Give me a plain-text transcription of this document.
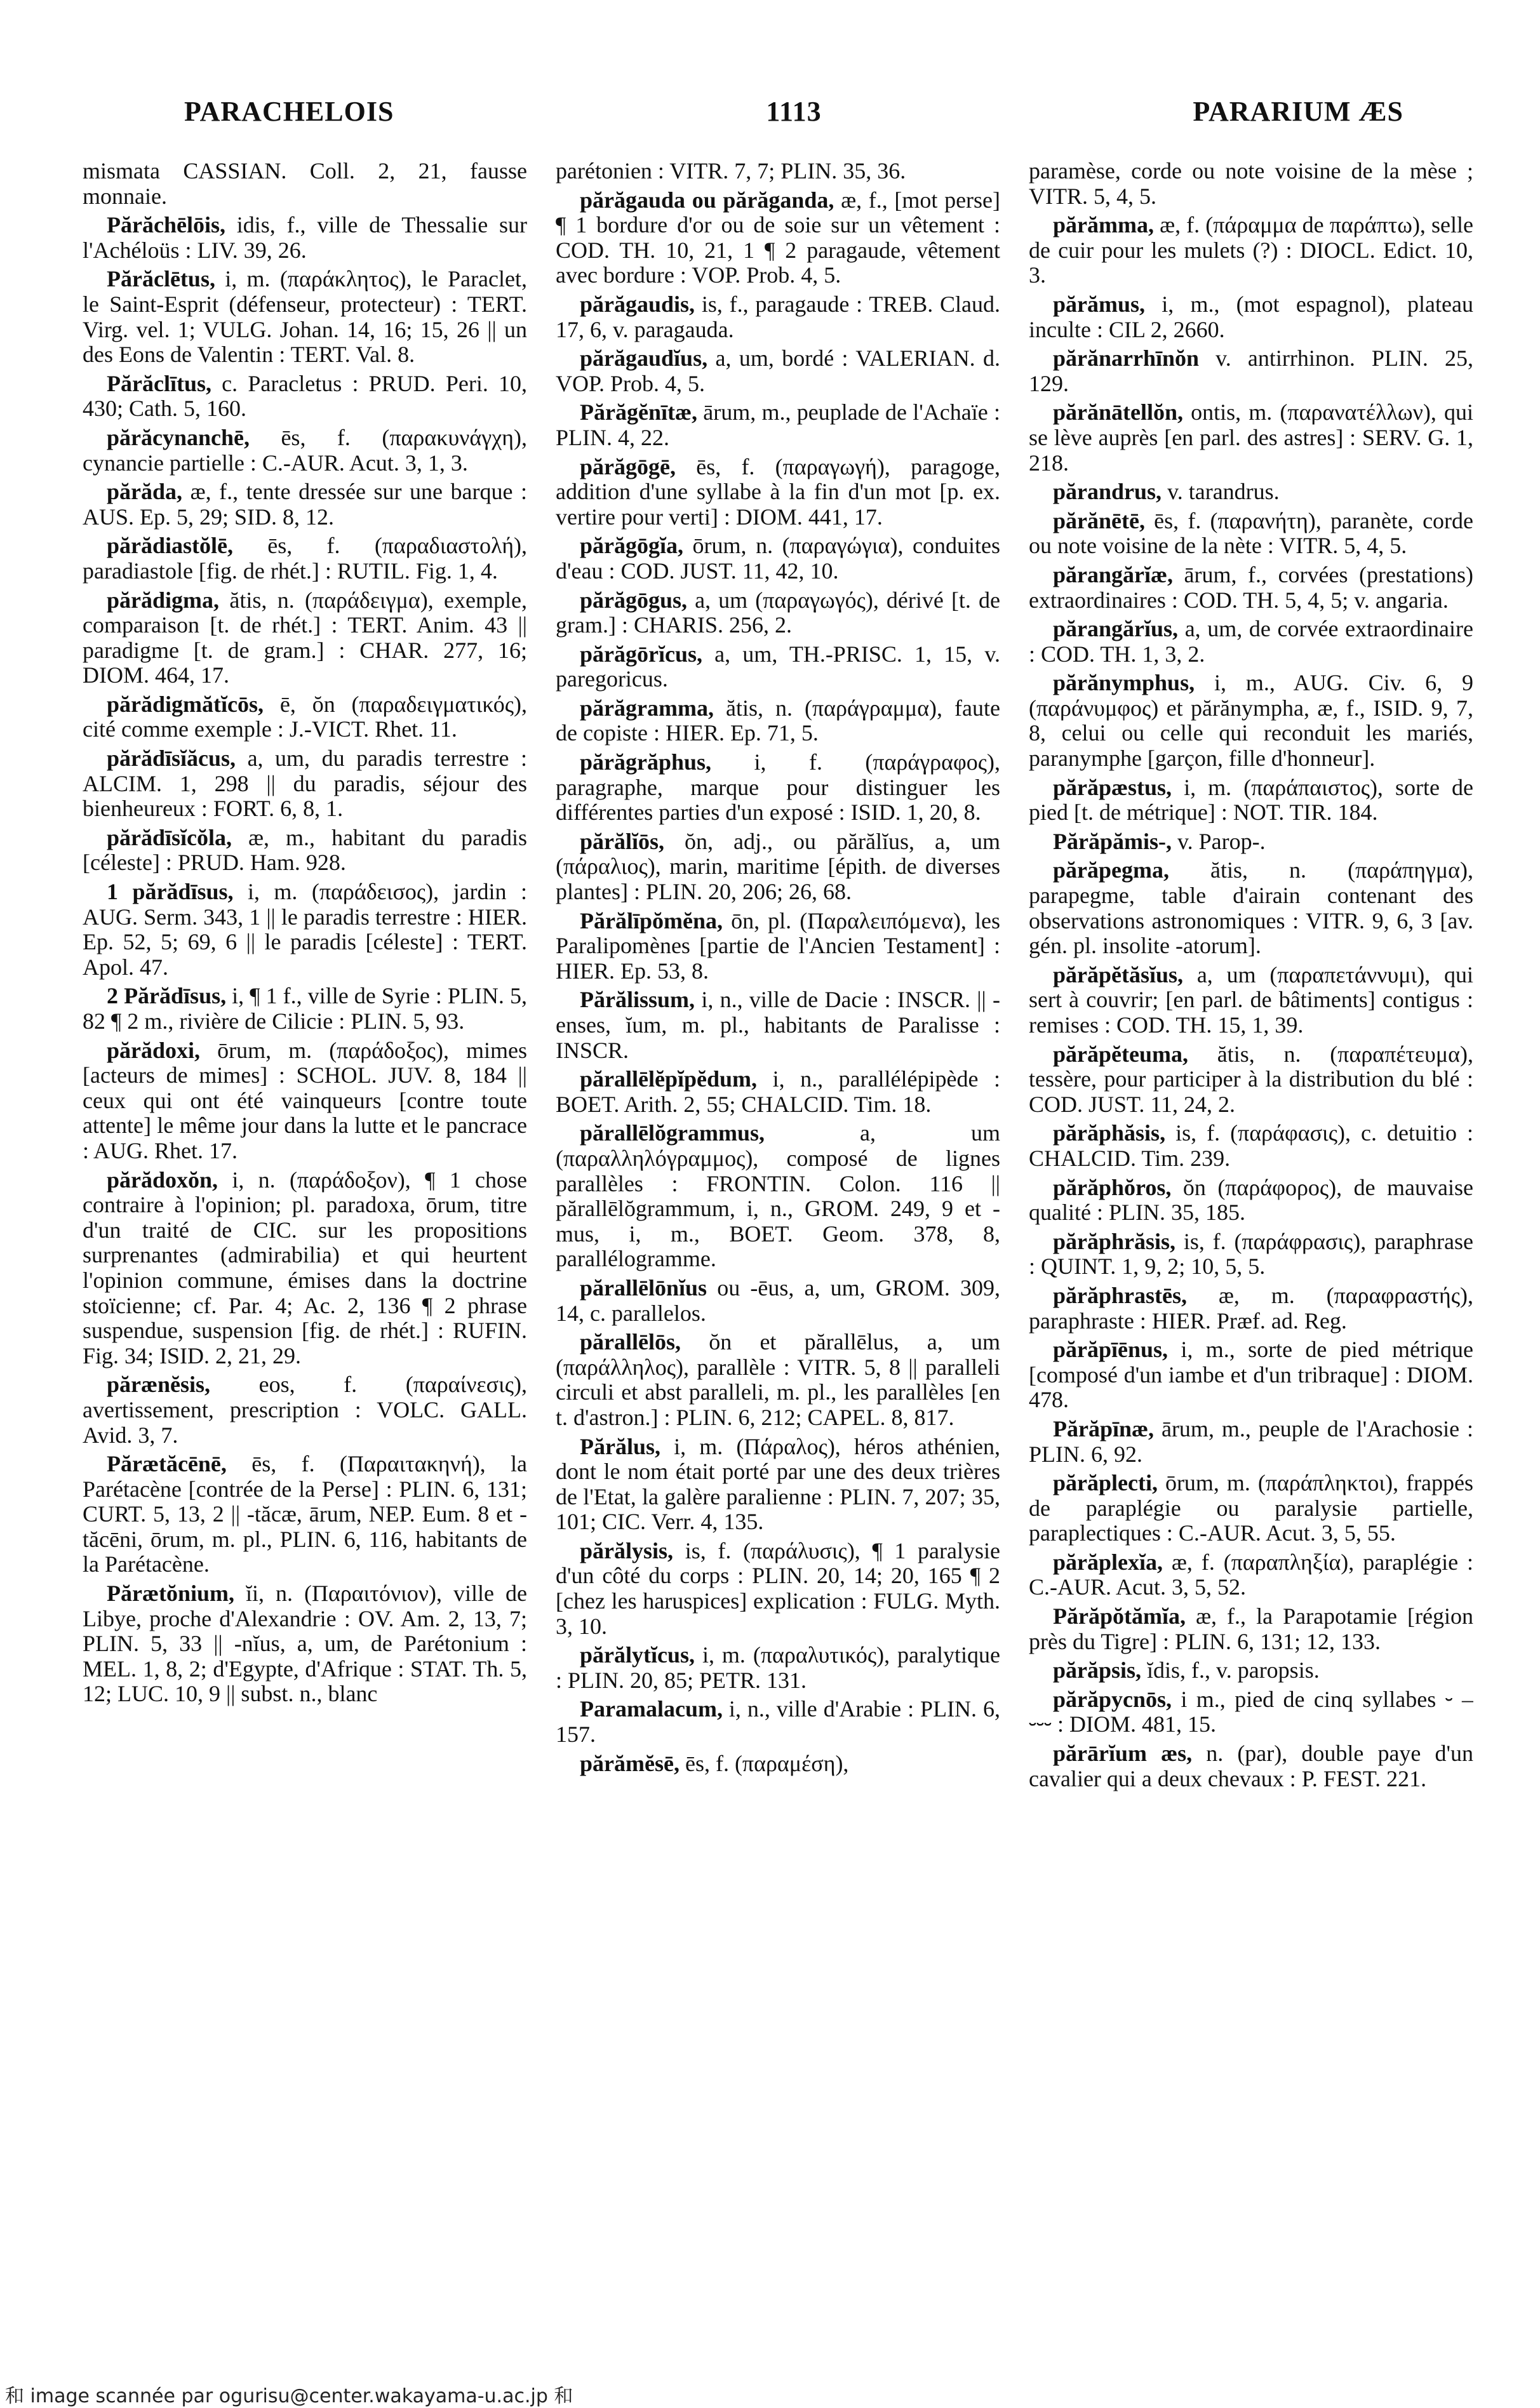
PARACHELOIS	1113	PARARIUM ÆS

mismata CASSIAN. Coll. 2, 21, fausse monnaie.

Părăchēlōis, idis, f., ville de Thessalie sur l'Achéloüs : LIV. 39, 26.

Părăclētus, i, m. (παράκλητος), le Paraclet, le Saint-Esprit (défenseur, protecteur) : TERT. Virg. vel. 1; VULG. Johan. 14, 16; 15, 26 || un des Eons de Valentin : TERT. Val. 8.

Părăclītus, c. Paracletus : PRUD. Peri. 10, 430; Cath. 5, 160.

părăcynanchē, ēs, f. (παρακυνάγχη), cynancie partielle : C.-AUR. Acut. 3, 1, 3.

părăda, æ, f., tente dressée sur une barque : AUS. Ep. 5, 29; SID. 8, 12.

părădiastŏlē, ēs, f. (παραδιαστολή), paradiastole [fig. de rhét.] : RUTIL. Fig. 1, 4.

părădigma, ătis, n. (παράδειγμα), exemple, comparaison [t. de rhét.] : TERT. Anim. 43 || paradigme [t. de gram.] : CHAR. 277, 16; DIOM. 464, 17.

părădigmătĭcōs, ē, ŏn (παραδειγματικός), cité comme exemple : J.-VICT. Rhet. 11.

părădīsĭăcus, a, um, du paradis terrestre : ALCIM. 1, 298 || du paradis, séjour des bienheureux : FORT. 6, 8, 1.

părădīsĭcŏla, æ, m., habitant du paradis [céleste] : PRUD. Ham. 928.

1 părădīsus, i, m. (παράδεισος), jardin : AUG. Serm. 343, 1 || le paradis terrestre : HIER. Ep. 52, 5; 69, 6 || le paradis [céleste] : TERT. Apol. 47.

2 Părădīsus, i, ¶ 1 f., ville de Syrie : PLIN. 5, 82 ¶ 2 m., rivière de Cilicie : PLIN. 5, 93.

părădoxi, ōrum, m. (παράδοξος), mimes [acteurs de mimes] : SCHOL. JUV. 8, 184 || ceux qui ont été vainqueurs [contre toute attente] le même jour dans la lutte et le pancrace : AUG. Rhet. 17.

părădoxŏn, i, n. (παράδοξον), ¶ 1 chose contraire à l'opinion; pl. paradoxa, ōrum, titre d'un traité de CIC. sur les propositions surprenantes (admirabilia) et qui heurtent l'opinion commune, émises dans la doctrine stoïcienne; cf. Par. 4; Ac. 2, 136 ¶ 2 phrase suspendue, suspension [fig. de rhét.] : RUFIN. Fig. 34; ISID. 2, 21, 29.

părænĕsis, eos, f. (παραίνεσις), avertissement, prescription : VOLC. GALL. Avid. 3, 7.

Părætăcēnē, ēs, f. (Παραιτακηνή), la Parétacène [contrée de la Perse] : PLIN. 6, 131; CURT. 5, 13, 2 || -tăcæ, ārum, NEP. Eum. 8 et -tăcēni, ōrum, m. pl., PLIN. 6, 116, habitants de la Parétacène.

Părætŏnium, ĭi, n. (Παραιτόνιον), ville de Libye, proche d'Alexandrie : OV. Am. 2, 13, 7; PLIN. 5, 33 || -nĭus, a, um, de Parétonium : MEL. 1, 8, 2; d'Egypte, d'Afrique : STAT. Th. 5, 12; LUC. 10, 9 || subst. n., blanc

parétonien : VITR. 7, 7; PLIN. 35, 36.

părăgauda ou părăganda, æ, f., [mot perse] ¶ 1 bordure d'or ou de soie sur un vêtement : COD. TH. 10, 21, 1 ¶ 2 paragaude, vêtement avec bordure : VOP. Prob. 4, 5.

părăgaudis, is, f., paragaude : TREB. Claud. 17, 6, v. paragauda.

părăgaudĭus, a, um, bordé : VALERIAN. d. VOP. Prob. 4, 5.

Părăgĕnītæ, ārum, m., peuplade de l'Achaïe : PLIN. 4, 22.

părăgōgē, ēs, f. (παραγωγή), paragoge, addition d'une syllabe à la fin d'un mot [p. ex. vertire pour verti] : DIOM. 441, 17.

părăgōgĭa, ōrum, n. (παραγώγια), conduites d'eau : COD. JUST. 11, 42, 10.

părăgōgus, a, um (παραγωγός), dérivé [t. de gram.] : CHARIS. 256, 2.

părăgōrĭcus, a, um, TH.-PRISC. 1, 15, v. paregoricus.

părăgramma, ătis, n. (παράγραμμα), faute de copiste : HIER. Ep. 71, 5.

părăgrăphus, i, f. (παράγραφος), paragraphe, marque pour distinguer les différentes parties d'un exposé : ISID. 1, 20, 8.

părălĭōs, ŏn, adj., ou părălĭus, a, um (πάραλιος), marin, maritime [épith. de diverses plantes] : PLIN. 20, 206; 26, 68.

Părălīpŏmĕna, ōn, pl. (Παραλειπόμενα), les Paralipomènes [partie de l'Ancien Testament] : HIER. Ep. 53, 8.

Părălissum, i, n., ville de Dacie : INSCR. || -enses, ĭum, m. pl., habitants de Paralisse : INSCR.

părallēlĕpĭpĕdum, i, n., parallélépipède : BOET. Arith. 2, 55; CHALCID. Tim. 18.

părallēlŏgrammus,	a, um (παραλληλόγραμμος), composé de lignes parallèles : FRONTIN. Colon. 116 || părallēlŏgrammum, i, n., GROM. 249, 9 et -mus, i, m., BOET. Geom. 378, 8, parallélogramme.

părallēlōnĭus ou -ēus, a, um, GROM. 309, 14, c. parallelos.

părallēlōs, ŏn et părallēlus, a, um (παράλληλος), parallèle : VITR. 5, 8 || paralleli circuli et abst paralleli, m. pl., les parallèles [en t. d'astron.] : PLIN. 6, 212; CAPEL. 8, 817.

Părălus, i, m. (Πάραλος), héros athénien, dont le nom était porté par une des deux trières de l'Etat, la galère paralienne : PLIN. 7, 207; 35, 101; CIC. Verr. 4, 135.

părălysis, is, f. (παράλυσις), ¶ 1 paralysie d'un côté du corps : PLIN. 20, 14; 20, 165 ¶ 2 [chez les haruspices] explication : FULG. Myth. 3, 10.

părălytĭcus, i, m. (παραλυτικός), paralytique : PLIN. 20, 85; PETR. 131.

Paramalacum, i, n., ville d'Arabie : PLIN. 6, 157.

părămĕsē, ēs, f. (παραμέση),

paramèse, corde ou note voisine de la mèse ; VITR. 5, 4, 5.

părămma, æ, f. (πάραμμα de παράπτω), selle de cuir pour les mulets (?) : DIOCL. Edict. 10, 3.

părămus, i, m., (mot espagnol), plateau inculte : CIL 2, 2660.

părănarrhīnŏn v. antirrhinon. PLIN. 25, 129.

părănātellŏn, ontis, m. (παρανατέλλων), qui se lève auprès [en parl. des astres] : SERV. G. 1, 218.

părandrus, v. tarandrus.

părănētē, ēs, f. (παρανήτη), paranète, corde ou note voisine de la nète : VITR. 5, 4, 5.

părangărĭæ, ārum, f., corvées (prestations) extraordinaires : COD. TH. 5, 4, 5; v. angaria.

părangărĭus, a, um, de corvée extraordinaire : COD. TH. 1, 3, 2.

părănymphus, i, m., AUG. Civ. 6, 9 (παράνυμφος) et părănympha, æ, f., ISID. 9, 7, 8, celui ou celle qui reconduit les mariés, paranymphe [garçon, fille d'honneur].

părăpæstus, i, m. (παράπαιστος), sorte de pied [t. de métrique] : NOT. TIR. 184.

Părăpămis-, v. Parop-.

părăpegma, ătis, n. (παράπηγμα), parapegme, table d'airain contenant des observations astronomiques : VITR. 9, 6, 3 [av. gén. pl. insolite -atorum].

părăpĕtăsĭus, a, um (παραπετάννυμι), qui sert à couvrir; [en parl. de bâtiments] contigus : remises : COD. TH. 15, 1, 39.

părăpĕteuma, ătis, n. (παραπέτευμα), tessère, pour participer à la distribution du blé : COD. JUST. 11, 24, 2.

părăphăsis, is, f. (παράφασις), c. detuitio : CHALCID. Tim. 239.

părăphŏros, ŏn (παράφορος), de mauvaise qualité : PLIN. 35, 185.

părăphrăsis, is, f. (παράφρασις), paraphrase : QUINT. 1, 9, 2; 10, 5, 5.

părăphrastēs, æ, m. (παραφραστής), paraphraste : HIER. Præf. ad. Reg.

părăpīēnus, i, m., sorte de pied métrique [composé d'un iambe et d'un tribraque] : DIOM. 478.

Părăpīnæ, ārum, m., peuple de l'Arachosie : PLIN. 6, 92.

părăplecti, ōrum, m. (παράπληκτοι), frappés de paraplégie ou paralysie partielle, paraplectiques : C.-AUR. Acut. 3, 5, 55.

părăplexĭa, æ, f. (παραπληξία), paraplégie : C.-AUR. Acut. 3, 5, 52.

Părăpŏtămĭa, æ, f., la Parapotamie [région près du Tigre] : PLIN. 6, 131; 12, 133.

părăpsis, ĭdis, f., v. paropsis.

părăpycnōs, i m., pied de cinq syllabes ⏑ – ⏑⏑⏑ : DIOM. 481, 15.

părārĭum æs, n. (par), double paye d'un cavalier qui a deux chevaux : P. FEST. 221.

和 image scannée par ogurisu@center.wakayama-u.ac.jp 和
